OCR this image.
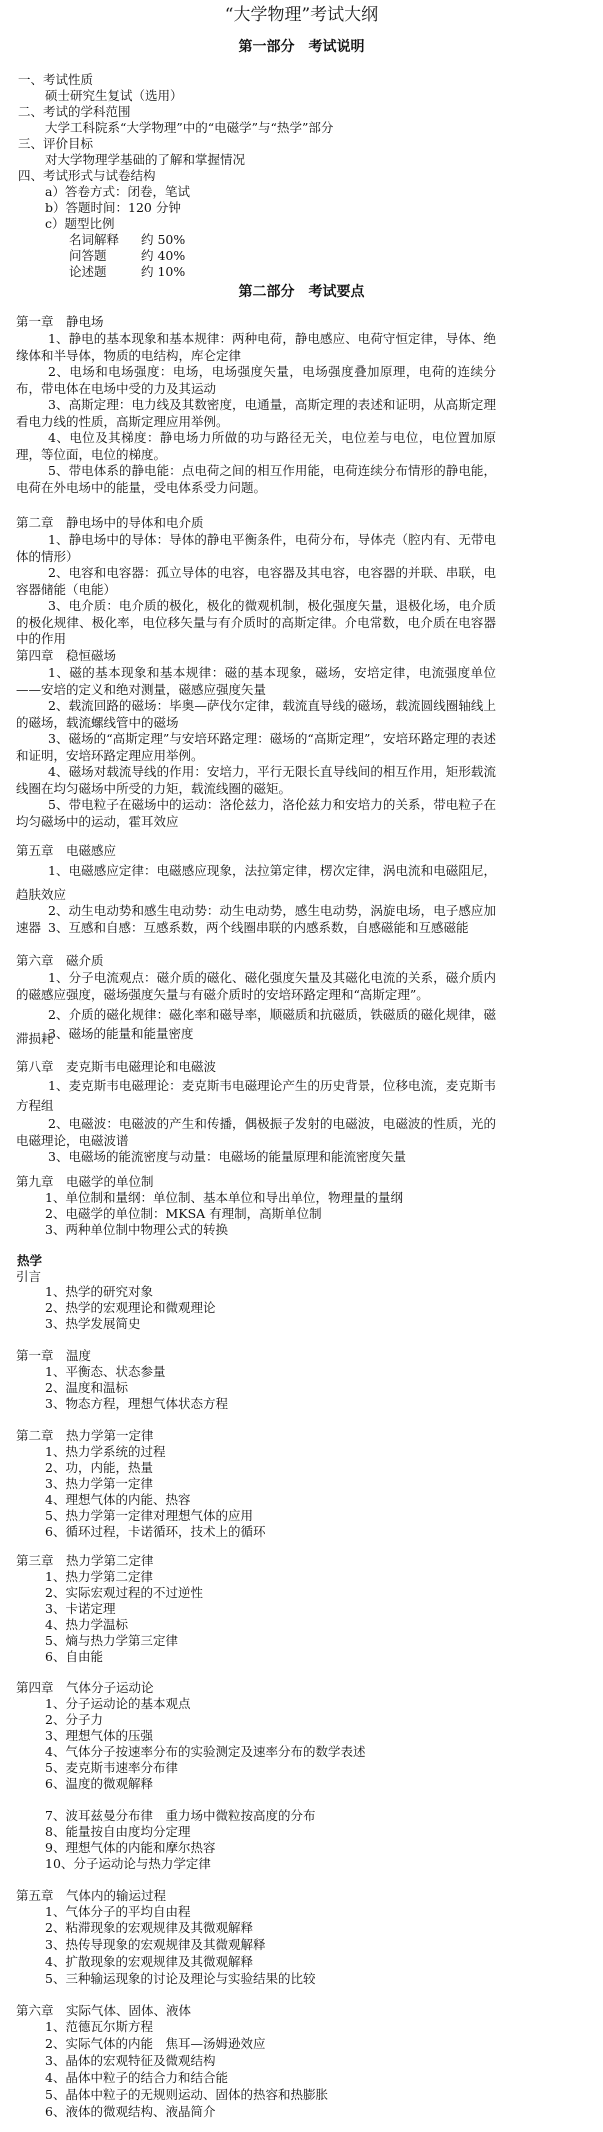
“大学物理”考试大纲
第一部分　考试说明
一、考试性质
硕士研究生复试（选用）
二、考试的学科范围
大学工科院系“大学物理”中的“电磁学”与“热学”部分
三、评价目标
对大学物理学基础的了解和掌握情况
四、考试形式与试卷结构
a）答卷方式：闭卷，笔试
b）答题时间：120 分钟
c）题型比例
名词解释 约 50%
问答题	约 40%
论述题	约 10%
第二部分　考试要点
第一章　静电场
1、静电的基本现象和基本规律：两种电荷，静电感应、电荷守恒定律，导体、绝缘体和半导体，物质的电结构，库仑定律
2、电场和电场强度：电场，电场强度矢量，电场强度叠加原理，电荷的连续分布，带电体在电场中受的力及其运动
3、高斯定理：电力线及其数密度，电通量，高斯定理的表述和证明，从高斯定理看电力线的性质，高斯定理应用举例。
4、电位及其梯度：静电场力所做的功与路径无关，电位差与电位，电位置加原理，等位面，电位的梯度。
5、带电体系的静电能：点电荷之间的相互作用能，电荷连续分布情形的静电能，电荷在外电场中的能量，受电体系受力问题。
第二章　静电场中的导体和电介质
1、静电场中的导体：导体的静电平衡条件，电荷分布，导体壳（腔内有、无带电体的情形）
2、电容和电容器：孤立导体的电容，电容器及其电容，电容器的并联、串联，电容器储能（电能）
3、电介质：电介质的极化，极化的微观机制，极化强度矢量，退极化场，电介质的极化规律、极化率，电位移矢量与有介质时的高斯定律。介电常数，电介质在电容器中的作用
第四章　稳恒磁场
1、磁的基本现象和基本规律：磁的基本现象，磁场，安培定律，电流强度单位——安培的定义和绝对测量，磁感应强度矢量
2、载流回路的磁场：毕奥—萨伐尔定律，载流直导线的磁场，载流圆线圈轴线上的磁场，载流螺线管中的磁场
3、磁场的“高斯定理”与安培环路定理：磁场的“高斯定理”，安培环路定理的表述和证明，安培环路定理应用举例。
4、磁场对载流导线的作用：安培力，平行无限长直导线间的相互作用，矩形载流线圈在均匀磁场中所受的力矩，载流线圈的磁矩。
5、带电粒子在磁场中的运动：洛伦兹力，洛伦兹力和安培力的关系，带电粒子在均匀磁场中的运动，霍耳效应
第五章　电磁感应
1、电磁感应定律：电磁感应现象，法拉第定律，楞次定律，涡电流和电磁阻尼，趋肤效应
2、动生电动势和感生电动势：动生电动势，感生电动势，涡旋电场，电子感应加速器 3、互感和自感：互感系数，两个线圈串联的内感系数，自感磁能和互感磁能
第六章　磁介质
1、分子电流观点：磁介质的磁化、磁化强度矢量及其磁化电流的关系，磁介质内的磁感应强度，磁场强度矢量与有磁介质时的安培环路定理和“高斯定理”。
2、介质的磁化规律：磁化率和磁导率，顺磁质和抗磁质，铁磁质的磁化规律，磁滞损耗
3、磁场的能量和能量密度
第八章　麦克斯韦电磁理论和电磁波
1、麦克斯韦电磁理论：麦克斯韦电磁理论产生的历史背景，位移电流，麦克斯韦方程组
2、电磁波：电磁波的产生和传播，偶极振子发射的电磁波，电磁波的性质，光的电磁理论，电磁波谱
3、电磁场的能流密度与动量：电磁场的能量原理和能流密度矢量
第九章　电磁学的单位制
1、单位制和量纲：单位制、基本单位和导出单位，物理量的量纲
2、电磁学的单位制：MKSA 有理制，高斯单位制
3、两种单位制中物理公式的转换
热学
引言
1、热学的研究对象
2、热学的宏观理论和微观理论
3、热学发展简史
第一章　温度
1、平衡态、状态参量
2、温度和温标
3、物态方程，理想气体状态方程
第二章　热力学第一定律
1、热力学系统的过程
2、功，内能，热量
3、热力学第一定律
4、理想气体的内能、热容
5、热力学第一定律对理想气体的应用
6、循环过程，卡诺循环，技术上的循环
第三章　热力学第二定律
1、热力学第二定律
2、实际宏观过程的不过逆性
3、卡诺定理
4、热力学温标
5、熵与热力学第三定律
6、自由能
第四章　气体分子运动论
1、分子运动论的基本观点
2、分子力
3、理想气体的压强
4、气体分子按速率分布的实验测定及速率分布的数学表述
5、麦克斯韦速率分布律
6、温度的微观解释
7、波耳兹曼分布律　重力场中微粒按高度的分布
8、能量按自由度均分定理
9、理想气体的内能和摩尔热容
10、分子运动论与热力学定律
第五章　气体内的输运过程
1、气体分子的平均自由程
2、粘滞现象的宏观规律及其微观解释
3、热传导现象的宏观规律及其微观解释
4、扩散现象的宏观规律及其微观解释
5、三种输运现象的讨论及理论与实验结果的比较
第六章　实际气体、固体、液体
1、范德瓦尔斯方程
2、实际气体的内能　焦耳—汤姆逊效应
3、晶体的宏观特征及微观结构
4、晶体中粒子的结合力和结合能
5、晶体中粒子的无规则运动、固体的热容和热膨胀
6、液体的微观结构、液晶简介
